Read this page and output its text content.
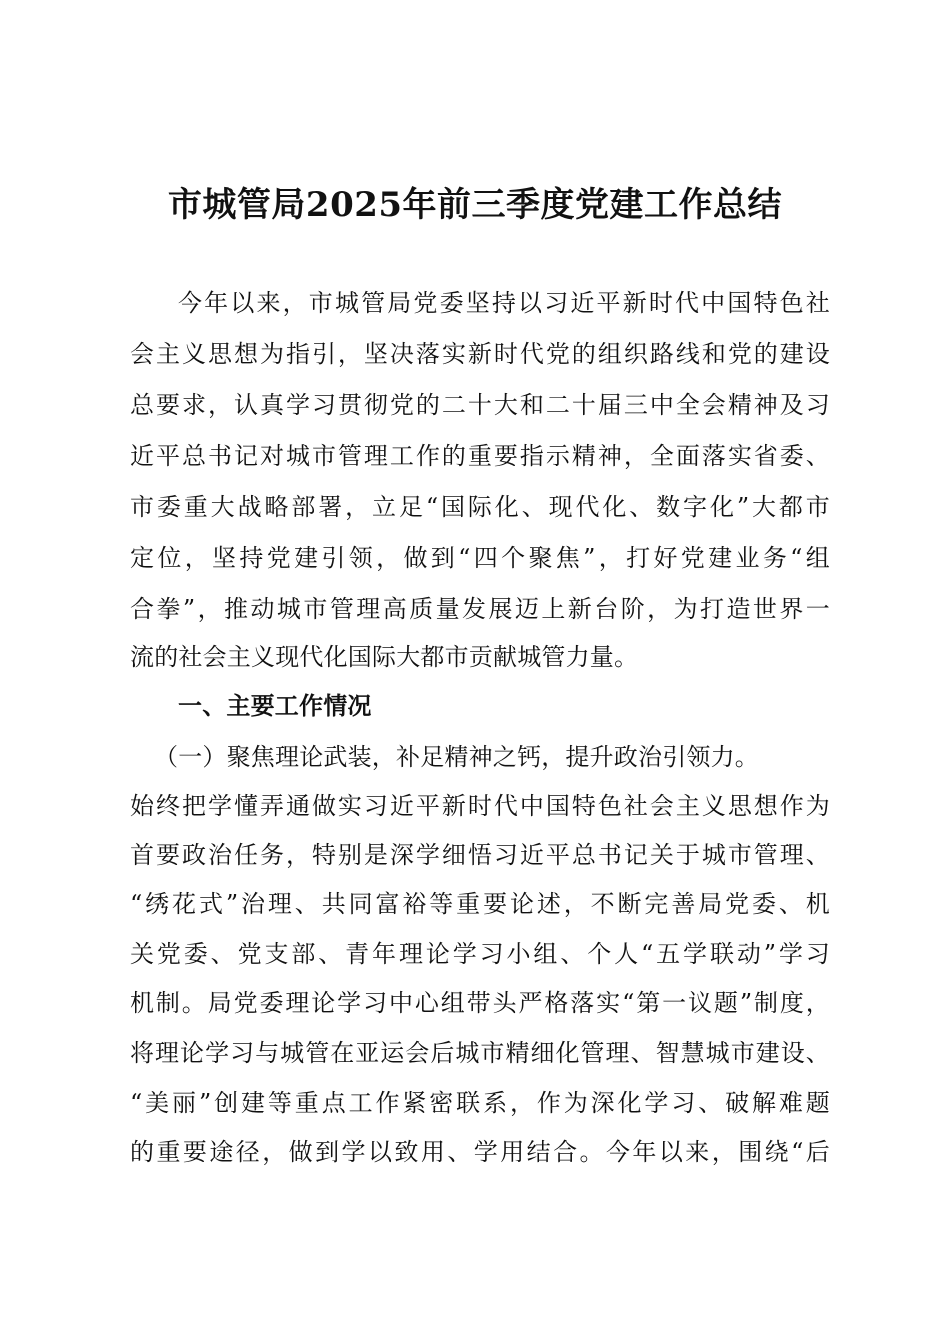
市城管局2025年前三季度党建工作总结
今年以来，市城管局党委坚持以习近平新时代中国特色社
会主义思想为指引，坚决落实新时代党的组织路线和党的建设
总要求，认真学习贯彻党的二十大和二十届三中全会精神及习
近平总书记对城市管理工作的重要指示精神，全面落实省委、
市委重大战略部署，立足“国际化、现代化、数字化”大都市
定位，坚持党建引领，做到“四个聚焦”，打好党建业务“组
合拳”，推动城市管理高质量发展迈上新台阶，为打造世界一
流的社会主义现代化国际大都市贡献城管力量。
一、主要工作情况
（一）聚焦理论武装，补足精神之钙，提升政治引领力。
始终把学懂弄通做实习近平新时代中国特色社会主义思想作为
首要政治任务，特别是深学细悟习近平总书记关于城市管理、
“绣花式”治理、共同富裕等重要论述，不断完善局党委、机
关党委、党支部、青年理论学习小组、个人“五学联动”学习
机制。局党委理论学习中心组带头严格落实“第一议题”制度，
将理论学习与城管在亚运会后城市精细化管理、智慧城市建设、
“美丽”创建等重点工作紧密联系，作为深化学习、破解难题
的重要途径，做到学以致用、学用结合。今年以来，围绕“后
